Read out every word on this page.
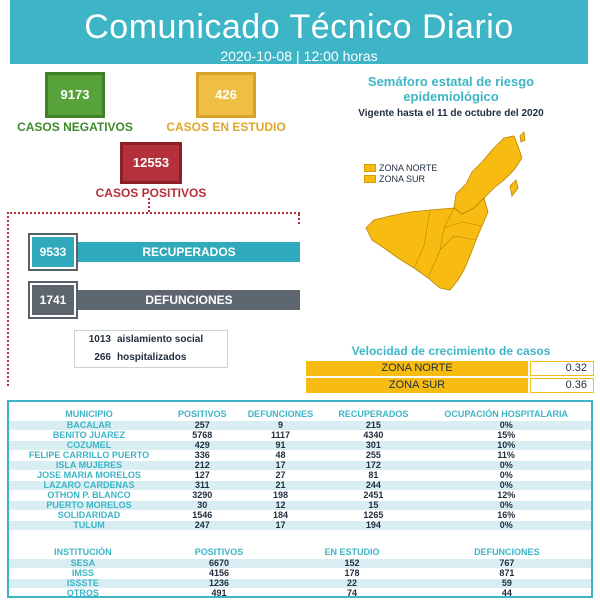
Comunicado Técnico Diario
2020-10-08 | 12:00 horas
9173
CASOS NEGATIVOS
426
CASOS EN ESTUDIO
12553
CASOS POSITIVOS
9533	RECUPERADOS
1741	DEFUNCIONES
1013 aislamiento social
266 hospitalizados
Semáforo estatal de riesgo
epidemiológico
Vigente hasta el 11 de octubre del 2020
ZONA NORTE
ZONA SUR
Velocidad de crecimiento de casos
ZONA NORTE	0.32
ZONA SUR	0.36
MUNICIPIO	POSITIVOS	DEFUNCIONES	RECUPERADOS	OCUPACIÓN HOSPITALARIA
BACALAR	257	9	215	0%
BENITO JUAREZ	5768	1117	4340	15%
COZUMEL	429	91	301	10%
FELIPE CARRILLO PUERTO	336	48	255	11%
ISLA MUJERES	212	17	172	0%
JOSE MARIA MORELOS	127	27	81	0%
LAZARO CARDENAS	311	21	244	0%
OTHON P. BLANCO	3290	198	2451	12%
PUERTO MORELOS	30	12	15	0%
SOLIDARIDAD	1546	184	1265	16%
TULUM	247	17	194	0%
INSTITUCIÓN	POSITIVOS	EN ESTUDIO	DEFUNCIONES
SESA	6670	152	767
IMSS	4156	178	871
ISSSTE	1236	22	59
OTROS	491	74	44
